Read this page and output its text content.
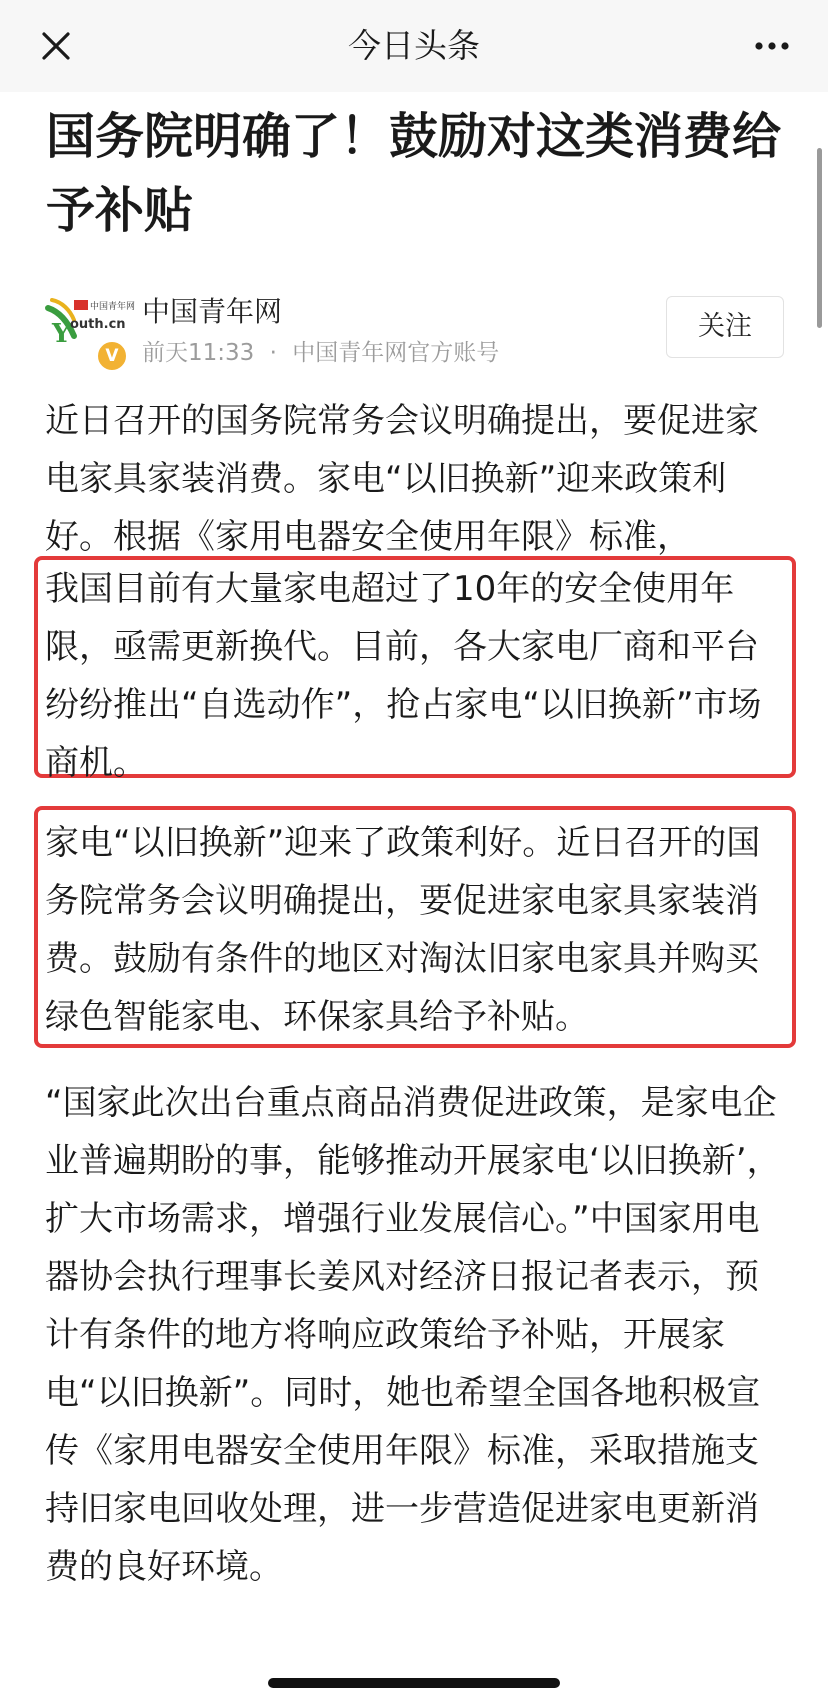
今日头条
国务院明确了！鼓励对这类消费给予补贴
Y
中国青年网
outh.cn
V
中国青年网
前天11:33 · 中国青年网官方账号
关注

近日召开的国务院常务会议明确提出，要促进家电家具家装消费。家电“以旧换新”迎来政策利好。根据《家用电器安全使用年限》标准，

我国目前有大量家电超过了10年的安全使用年限，亟需更新换代。目前，各大家电厂商和平台纷纷推出“自选动作”，抢占家电“以旧换新”市场商机。

家电“以旧换新”迎来了政策利好。近日召开的国务院常务会议明确提出，要促进家电家具家装消费。鼓励有条件的地区对淘汰旧家电家具并购买绿色智能家电、环保家具给予补贴。

“国家此次出台重点商品消费促进政策，是家电企业普遍期盼的事，能够推动开展家电‘以旧换新’，扩大市场需求，增强行业发展信心。”中国家用电器协会执行理事长姜风对经济日报记者表示，预计有条件的地方将响应政策给予补贴，开展家电“以旧换新”。同时，她也希望全国各地积极宣传《家用电器安全使用年限》标准，采取措施支持旧家电回收处理，进一步营造促进家电更新消费的良好环境。
